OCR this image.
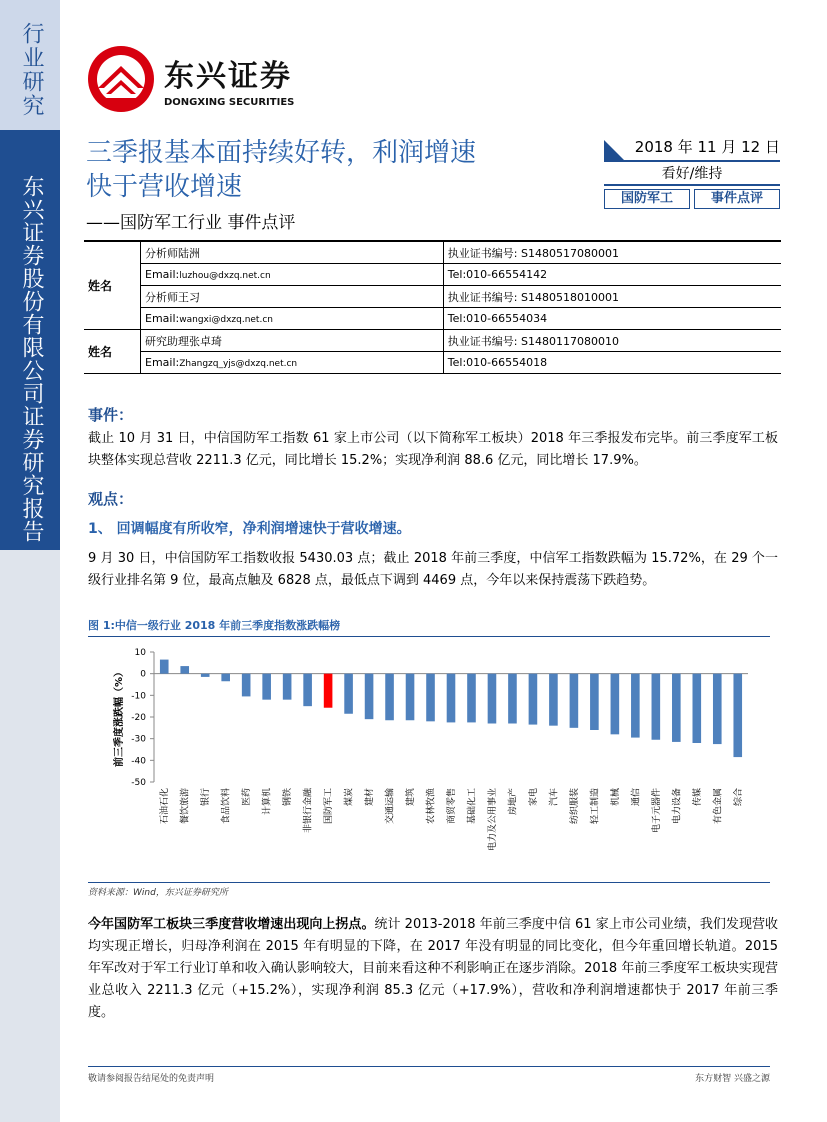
行业研究
东兴证券股份有限公司证券研究报告
东兴证券
DONGXING SECURITIES
三季报基本面持续好转，利润增速
快于营收增速
——国防军工行业 事件点评
2018 年 11 月 12 日
看好/维持
国防军工	事件点评
姓名	分析师陆洲	执业证书编号: S1480517080001
	Email:luzhou@dxzq.net.cn	Tel:010-66554142
	分析师王习	执业证书编号: S1480518010001
	Email:wangxi@dxzq.net.cn	Tel:010-66554034
姓名	研究助理张卓琦	执业证书编号: S1480117080010
	Email:Zhangzq_yjs@dxzq.net.cn	Tel:010-66554018
事件：
截止 10 月 31 日，中信国防军工指数 61 家上市公司（以下简称军工板块）2018 年三季报发布完毕。前三季度军工板块整体实现总营收 2211.3 亿元，同比增长 15.2%；实现净利润 88.6 亿元，同比增长 17.9%。
观点：
1、 回调幅度有所收窄，净利润增速快于营收增速。
9 月 30 日，中信国防军工指数收报 5430.03 点；截止 2018 年前三季度，中信军工指数跌幅为 15.72%，在 29 个一级行业排名第 9 位，最高点触及 6828 点，最低点下调到 4469 点，今年以来保持震荡下跌趋势。
图 1:中信一级行业 2018 年前三季度指数涨跌幅榜
前三季度涨跌幅（%）
10
0
-10
-20
-30
-40
-50
石油石化 餐饮旅游 银行 食品饮料 医药 计算机 钢铁 非银行金融 国防军工 煤炭 建材 交通运输 建筑 农林牧渔 商贸零售 基础化工 电力及公用事业 房地产 家电 汽车 纺织服装 轻工制造 机械 通信 电子元器件 电力设备 传媒 有色金属 综合
资料来源：Wind，东兴证券研究所
今年国防军工板块三季度营收增速出现向上拐点。统计 2013-2018 年前三季度中信 61 家上市公司业绩，我们发现营收均实现正增长，归母净利润在 2015 年有明显的下降，在 2017 年没有明显的同比变化，但今年重回增长轨道。2015 年军改对于军工行业订单和收入确认影响较大，目前来看这种不利影响正在逐步消除。2018 年前三季度军工板块实现营业总收入 2211.3 亿元（+15.2%），实现净利润 85.3 亿元（+17.9%），营收和净利润增速都快于 2017 年前三季度。
敬请参阅报告结尾处的免责声明	东方财智 兴盛之源
